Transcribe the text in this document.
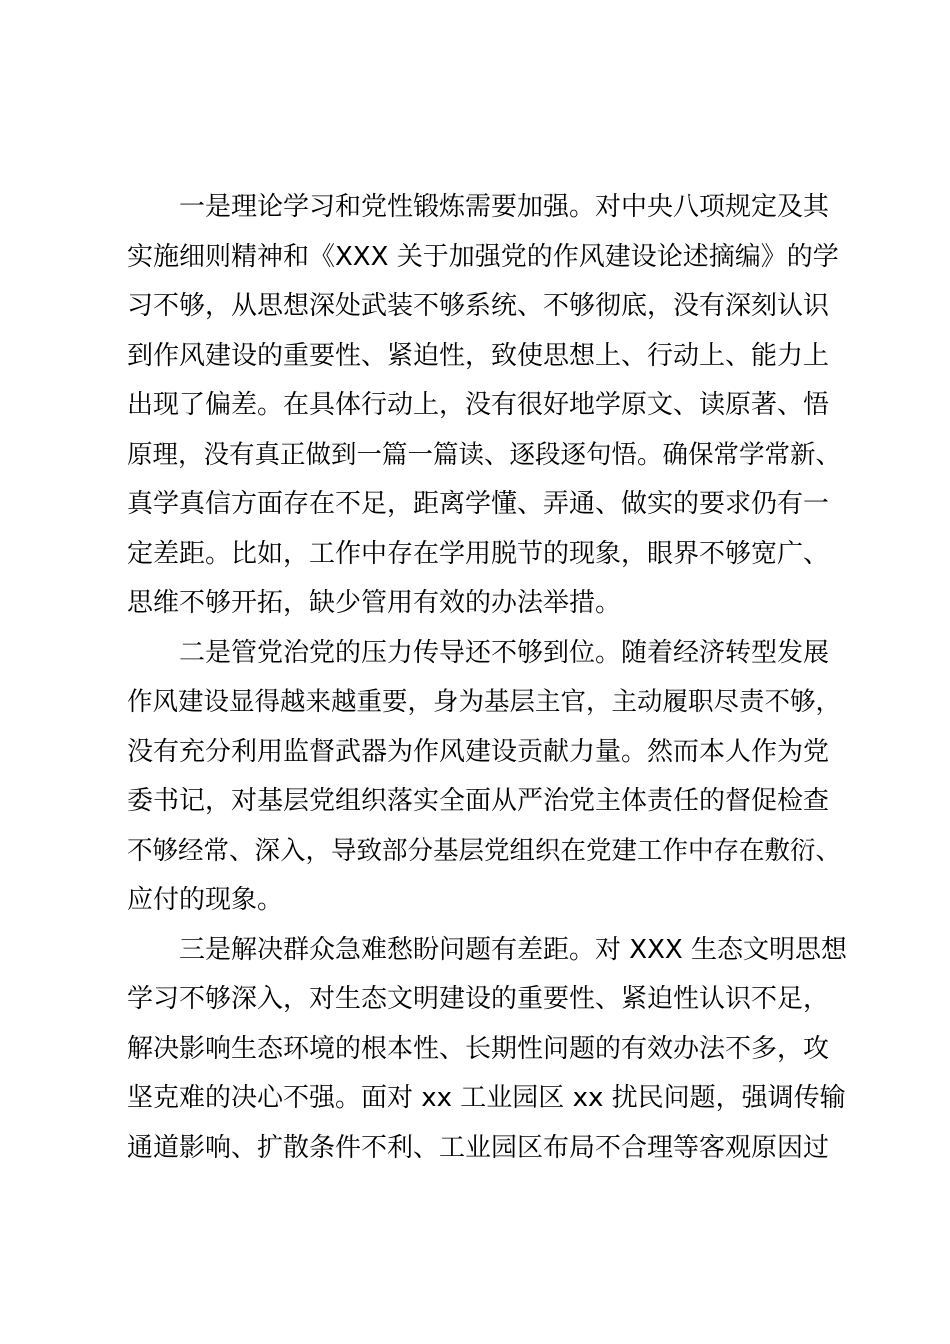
一是理论学习和党性锻炼需要加强。对中央八项规定及其
实施细则精神和《XXX 关于加强党的作风建设论述摘编》的学
习不够，从思想深处武装不够系统、不够彻底，没有深刻认识
到作风建设的重要性、紧迫性，致使思想上、行动上、能力上
出现了偏差。在具体行动上，没有很好地学原文、读原著、悟
原理，没有真正做到一篇一篇读、逐段逐句悟。确保常学常新、
真学真信方面存在不足，距离学懂、弄通、做实的要求仍有一
定差距。比如，工作中存在学用脱节的现象，眼界不够宽广、
思维不够开拓，缺少管用有效的办法举措。
二是管党治党的压力传导还不够到位。随着经济转型发展
作风建设显得越来越重要，身为基层主官，主动履职尽责不够，
没有充分利用监督武器为作风建设贡献力量。然而本人作为党
委书记，对基层党组织落实全面从严治党主体责任的督促检查
不够经常、深入，导致部分基层党组织在党建工作中存在敷衍、
应付的现象。
三是解决群众急难愁盼问题有差距。对 XXX 生态文明思想
学习不够深入，对生态文明建设的重要性、紧迫性认识不足，
解决影响生态环境的根本性、长期性问题的有效办法不多，攻
坚克难的决心不强。面对 xx 工业园区 xx 扰民问题，强调传输
通道影响、扩散条件不利、工业园区布局不合理等客观原因过
